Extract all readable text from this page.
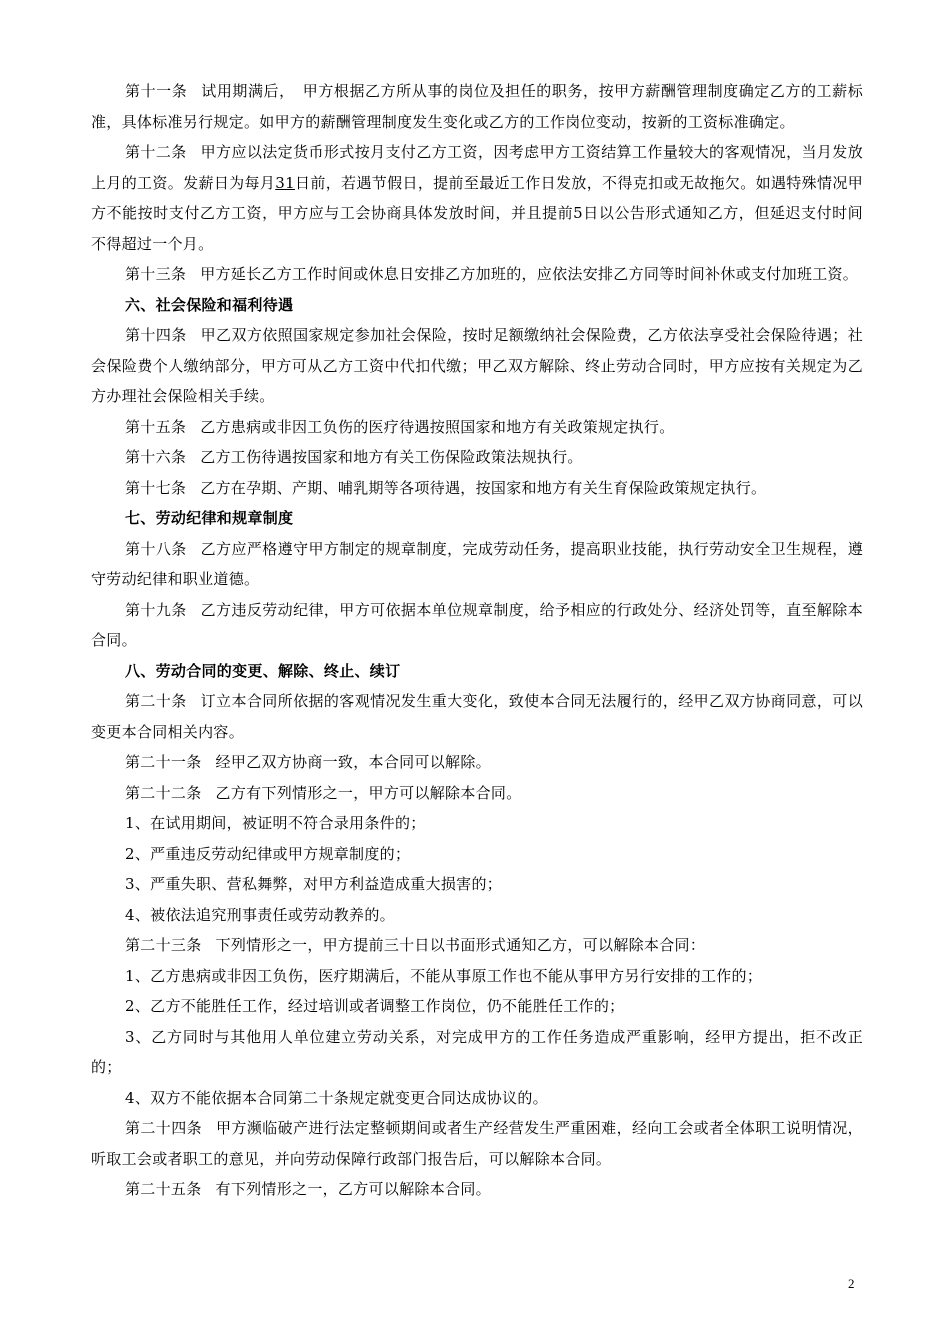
第十一条 试用期满后，　甲方根据乙方所从事的岗位及担任的职务，按甲方薪酬管理制度确定乙方的工薪标准，具体标准另行规定。如甲方的薪酬管理制度发生变化或乙方的工作岗位变动，按新的工资标准确定。

第十二条 甲方应以法定货币形式按月支付乙方工资，因考虑甲方工资结算工作量较大的客观情况，当月发放上月的工资。发薪日为每月31日前，若遇节假日，提前至最近工作日发放，不得克扣或无故拖欠。如遇特殊情况甲方不能按时支付乙方工资，甲方应与工会协商具体发放时间，并且提前5日以公告形式通知乙方，但延迟支付时间不得超过一个月。

第十三条 甲方延长乙方工作时间或休息日安排乙方加班的，应依法安排乙方同等时间补休或支付加班工资。

六、社会保险和福利待遇

第十四条 甲乙双方依照国家规定参加社会保险，按时足额缴纳社会保险费，乙方依法享受社会保险待遇；社会保险费个人缴纳部分，甲方可从乙方工资中代扣代缴；甲乙双方解除、终止劳动合同时，甲方应按有关规定为乙方办理社会保险相关手续。

第十五条 乙方患病或非因工负伤的医疗待遇按照国家和地方有关政策规定执行。

第十六条 乙方工伤待遇按国家和地方有关工伤保险政策法规执行。

第十七条 乙方在孕期、产期、哺乳期等各项待遇，按国家和地方有关生育保险政策规定执行。

七、劳动纪律和规章制度

第十八条 乙方应严格遵守甲方制定的规章制度，完成劳动任务，提高职业技能，执行劳动安全卫生规程，遵守劳动纪律和职业道德。

第十九条 乙方违反劳动纪律，甲方可依据本单位规章制度，给予相应的行政处分、经济处罚等，直至解除本合同。

八、劳动合同的变更、解除、终止、续订

第二十条 订立本合同所依据的客观情况发生重大变化，致使本合同无法履行的，经甲乙双方协商同意，可以变更本合同相关内容。

第二十一条 经甲乙双方协商一致，本合同可以解除。

第二十二条 乙方有下列情形之一，甲方可以解除本合同。

1、在试用期间，被证明不符合录用条件的；

2、严重违反劳动纪律或甲方规章制度的；

3、严重失职、营私舞弊，对甲方利益造成重大损害的；

4、被依法追究刑事责任或劳动教养的。

第二十三条 下列情形之一，甲方提前三十日以书面形式通知乙方，可以解除本合同：

1、乙方患病或非因工负伤，医疗期满后，不能从事原工作也不能从事甲方另行安排的工作的；

2、乙方不能胜任工作，经过培训或者调整工作岗位，仍不能胜任工作的；

3、乙方同时与其他用人单位建立劳动关系，对完成甲方的工作任务造成严重影响，经甲方提出，拒不改正的；

4、双方不能依据本合同第二十条规定就变更合同达成协议的。

第二十四条 甲方濒临破产进行法定整顿期间或者生产经营发生严重困难，经向工会或者全体职工说明情况，听取工会或者职工的意见，并向劳动保障行政部门报告后，可以解除本合同。

第二十五条 有下列情形之一，乙方可以解除本合同。

2
